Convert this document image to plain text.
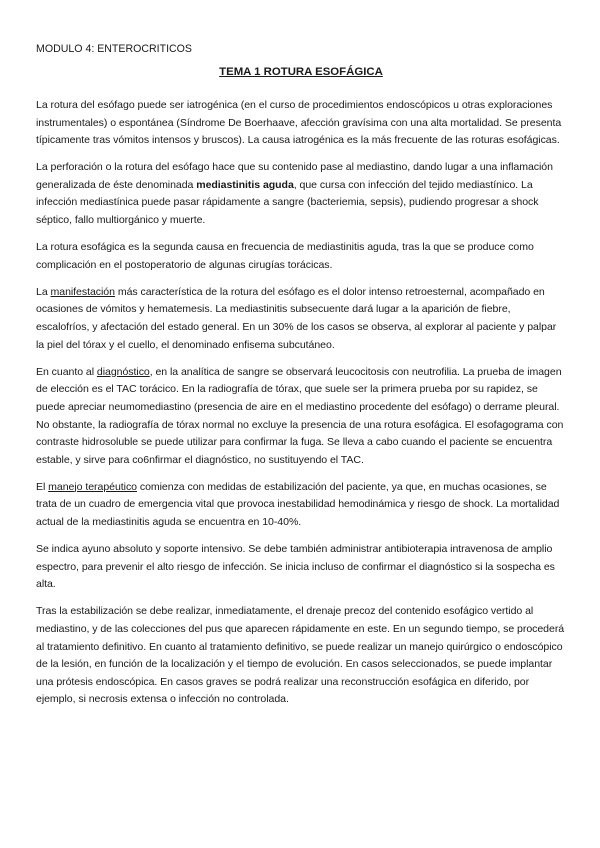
MODULO 4: ENTEROCRITICOS
TEMA 1 ROTURA ESOFÁGICA

La rotura del esófago puede ser iatrogénica (en el curso de procedimientos endoscópicos u otras exploraciones instrumentales) o espontánea (Síndrome De Boerhaave, afección gravísima con una alta mortalidad. Se presenta típicamente tras vómitos intensos y bruscos). La causa iatrogénica es la más frecuente de las roturas esofágicas.

La perforación o la rotura del esófago hace que su contenido pase al mediastino, dando lugar a una inflamación generalizada de éste denominada mediastinitis aguda, que cursa con infección del tejido mediastínico. La infección mediastínica puede pasar rápidamente a sangre (bacteriemia, sepsis), pudiendo progresar a shock séptico, fallo multiorgánico y muerte.

La rotura esofágica es la segunda causa en frecuencia de mediastinitis aguda, tras la que se produce como complicación en el postoperatorio de algunas cirugías torácicas.

La manifestación más característica de la rotura del esófago es el dolor intenso retroesternal, acompañado en ocasiones de vómitos y hematemesis. La mediastinitis subsecuente dará lugar a la aparición de fiebre, escalofríos, y afectación del estado general. En un 30% de los casos se observa, al explorar al paciente y palpar la piel del tórax y el cuello, el denominado enfisema subcutáneo.

En cuanto al diagnóstico, en la analítica de sangre se observará leucocitosis con neutrofilia. La prueba de imagen de elección es el TAC torácico. En la radiografía de tórax, que suele ser la primera prueba por su rapidez, se puede apreciar neumomediastino (presencia de aire en el mediastino procedente del esófago) o derrame pleural. No obstante, la radiografía de tórax normal no excluye la presencia de una rotura esofágica. El esofagograma con contraste hidrosoluble se puede utilizar para confirmar la fuga. Se lleva a cabo cuando el paciente se encuentra estable, y sirve para co6nfirmar el diagnóstico, no sustituyendo el TAC.

El manejo terapéutico comienza con medidas de estabilización del paciente, ya que, en muchas ocasiones, se trata de un cuadro de emergencia vital que provoca inestabilidad hemodinámica y riesgo de shock. La mortalidad actual de la mediastinitis aguda se encuentra en 10-40%.

Se indica ayuno absoluto y soporte intensivo. Se debe también administrar antibioterapia intravenosa de amplio espectro, para prevenir el alto riesgo de infección. Se inicia incluso de confirmar el diagnóstico si la sospecha es alta.

Tras la estabilización se debe realizar, inmediatamente, el drenaje precoz del contenido esofágico vertido al mediastino, y de las colecciones del pus que aparecen rápidamente en este. En un segundo tiempo, se procederá al tratamiento definitivo. En cuanto al tratamiento definitivo, se puede realizar un manejo quirúrgico o endoscópico de la lesión, en función de la localización y el tiempo de evolución. En casos seleccionados, se puede implantar una prótesis endoscópica. En casos graves se podrá realizar una reconstrucción esofágica en diferido, por ejemplo, si necrosis extensa o infección no controlada.
